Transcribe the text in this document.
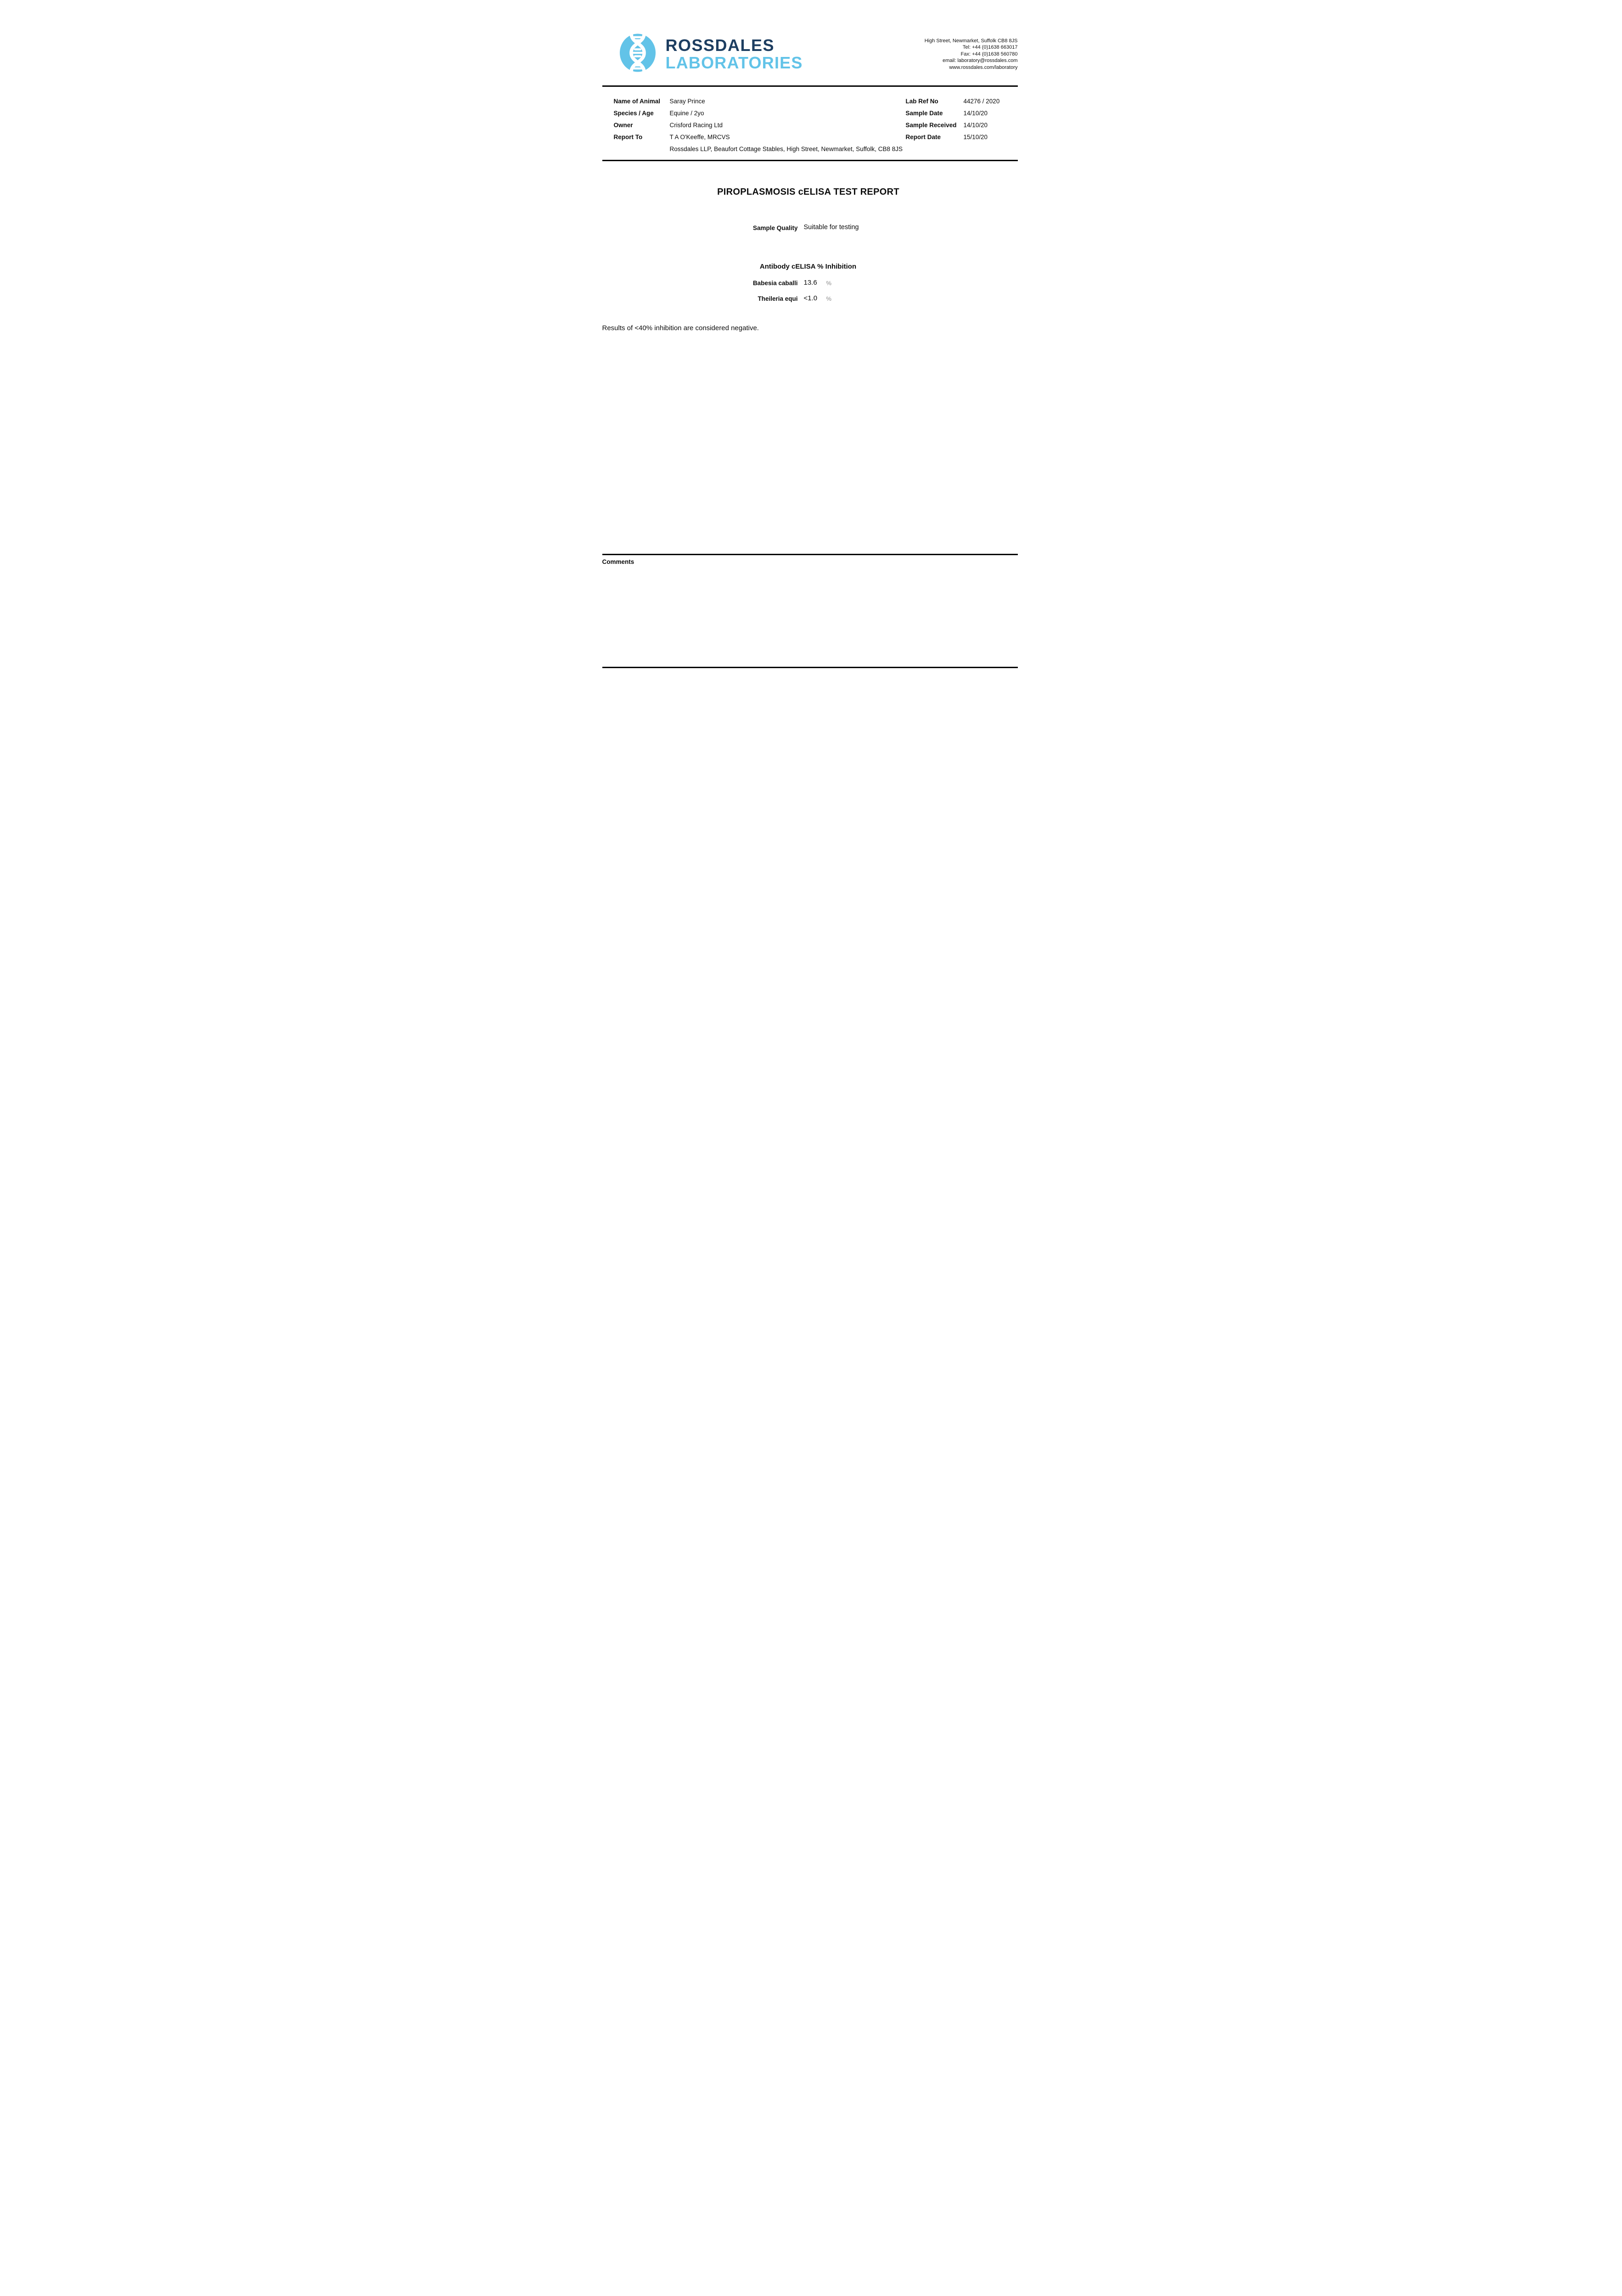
ROSSDALES
LABORATORIES
High Street, Newmarket, Suffolk CB8 8JS
Tel: +44 (0)1638 663017
Fax: +44 (0)1638 560780
email: laboratory@rossdales.com
www.rossdales.com/laboratory
Name of Animal Saray Prince
Species / Age	Equine / 2yo
Owner	Crisford Racing Ltd
Report To	T A O'Keeffe, MRCVS
Rossdales LLP, Beaufort Cottage Stables, High Street, Newmarket, Suffolk, CB8 8JS
Lab Ref No	44276 / 2020
Sample Date	14/10/20
Sample Received 14/10/20
Report Date	15/10/20
PIROPLASMOSIS cELISA TEST REPORT
Sample Quality Suitable for testing
Antibody cELISA % Inhibition
Babesia caballi 13.6 %
Theileria equi <1.0 %
Results of <40% inhibition are considered negative.
Comments
